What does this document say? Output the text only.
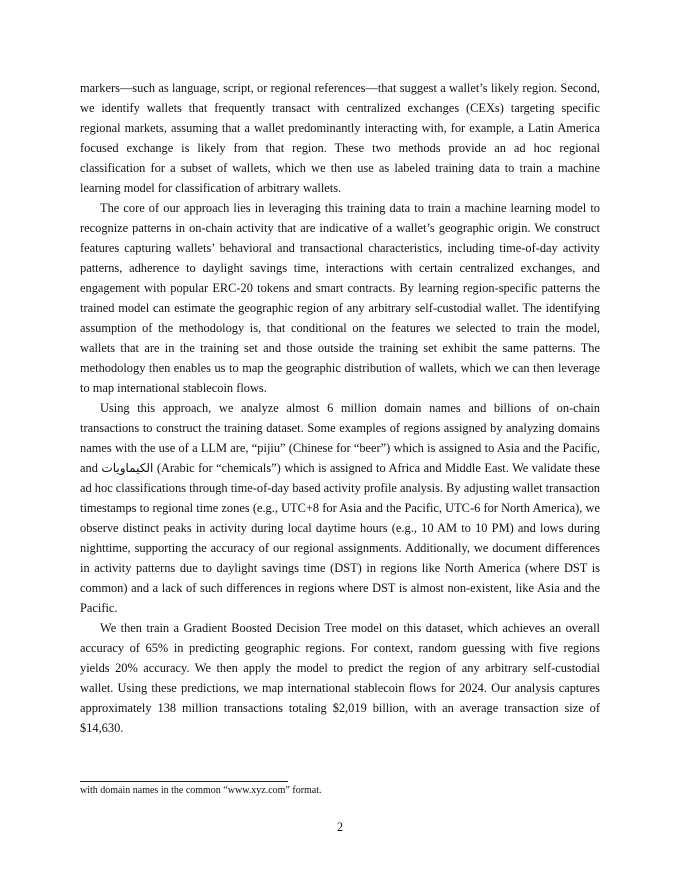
markers—such as language, script, or regional references—that suggest a wallet’s likely region. Second, we identify wallets that frequently transact with centralized exchanges (CEXs) targeting specific regional markets, assuming that a wallet predominantly interacting with, for example, a Latin America focused exchange is likely from that region. These two methods provide an ad hoc regional classification for a subset of wallets, which we then use as labeled training data to train a machine learning model for classification of arbitrary wallets.

The core of our approach lies in leveraging this training data to train a machine learning model to recognize patterns in on-chain activity that are indicative of a wallet’s geographic origin. We construct features capturing wallets’ behavioral and transactional characteristics, including time-of-day activity patterns, adherence to daylight savings time, interactions with certain centralized exchanges, and engagement with popular ERC-20 tokens and smart contracts. By learning region-specific patterns the trained model can estimate the geographic region of any arbitrary self-custodial wallet. The identifying assumption of the methodology is, that conditional on the features we selected to train the model, wallets that are in the training set and those outside the training set exhibit the same patterns. The methodology then enables us to map the geographic distribution of wallets, which we can then leverage to map international stablecoin flows.

Using this approach, we analyze almost 6 million domain names and billions of on-chain transactions to construct the training dataset. Some examples of regions assigned by analyzing domains names with the use of a LLM are, “pijiu” (Chinese for “beer”) which is assigned to Asia and the Pacific, and الكيماويات (Arabic for “chemicals”) which is assigned to Africa and Middle East. We validate these ad hoc classifications through time-of-day based activity profile analysis. By adjusting wallet transaction timestamps to regional time zones (e.g., UTC+8 for Asia and the Pacific, UTC-6 for North America), we observe distinct peaks in activity during local daytime hours (e.g., 10 AM to 10 PM) and lows during nighttime, supporting the accuracy of our regional assignments. Additionally, we document differences in activity patterns due to daylight savings time (DST) in regions like North America (where DST is common) and a lack of such differences in regions where DST is almost non-existent, like Asia and the Pacific.

We then train a Gradient Boosted Decision Tree model on this dataset, which achieves an overall accuracy of 65% in predicting geographic regions. For context, random guessing with five regions yields 20% accuracy. We then apply the model to predict the region of any arbitrary self-custodial wallet. Using these predictions, we map international stablecoin flows for 2024. Our analysis captures approximately 138 million transactions totaling $2,019 billion, with an average transaction size of $14,630.

with domain names in the common “www.xyz.com” format.
2
